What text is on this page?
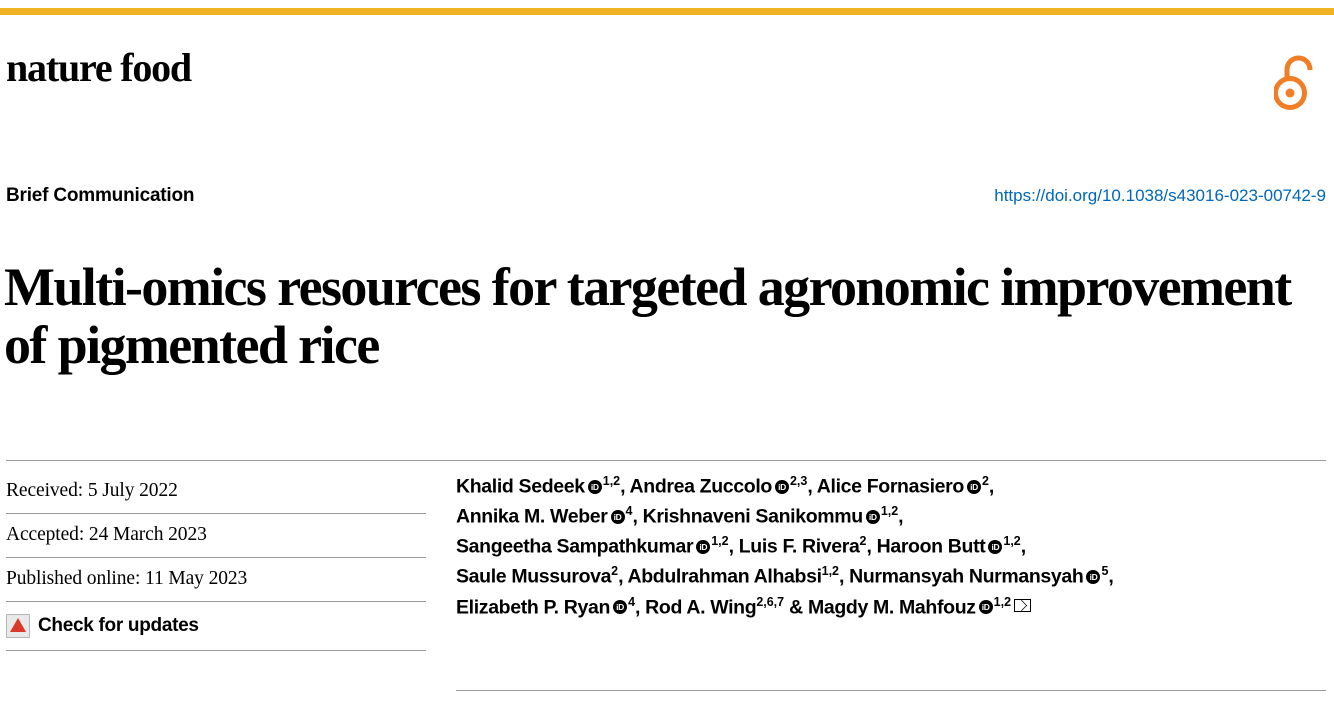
nature food
Brief Communication	https://doi.org/10.1038/s43016-023-00742-9
Multi-omics resources for targeted agronomic improvement of pigmented rice
Received: 5 July 2022
Accepted: 24 March 2023
Published online: 11 May 2023
Check for updates
Khalid Sedeek iD $^{1,2}$, Andrea Zuccolo iD $^{2,3}$, Alice Fornasiero iD $^2$,
Annika M. Weber iD $^4$, Krishnaveni Sanikommu iD $^{1,2}$,
Sangeetha Sampathkumar iD $^{1,2}$, Luis F. Rivera$^2$, Haroon Butt iD $^{1,2}$,
Saule Mussurova$^2$, Abdulrahman Alhabsi$^{1,2}$, Nurmansyah Nurmansyah iD $^5$,
Elizabeth P. Ryan iD $^4$, Rod A. Wing$^{2,6,7}$ & Magdy M. Mahfouz iD $^{1,2}$
